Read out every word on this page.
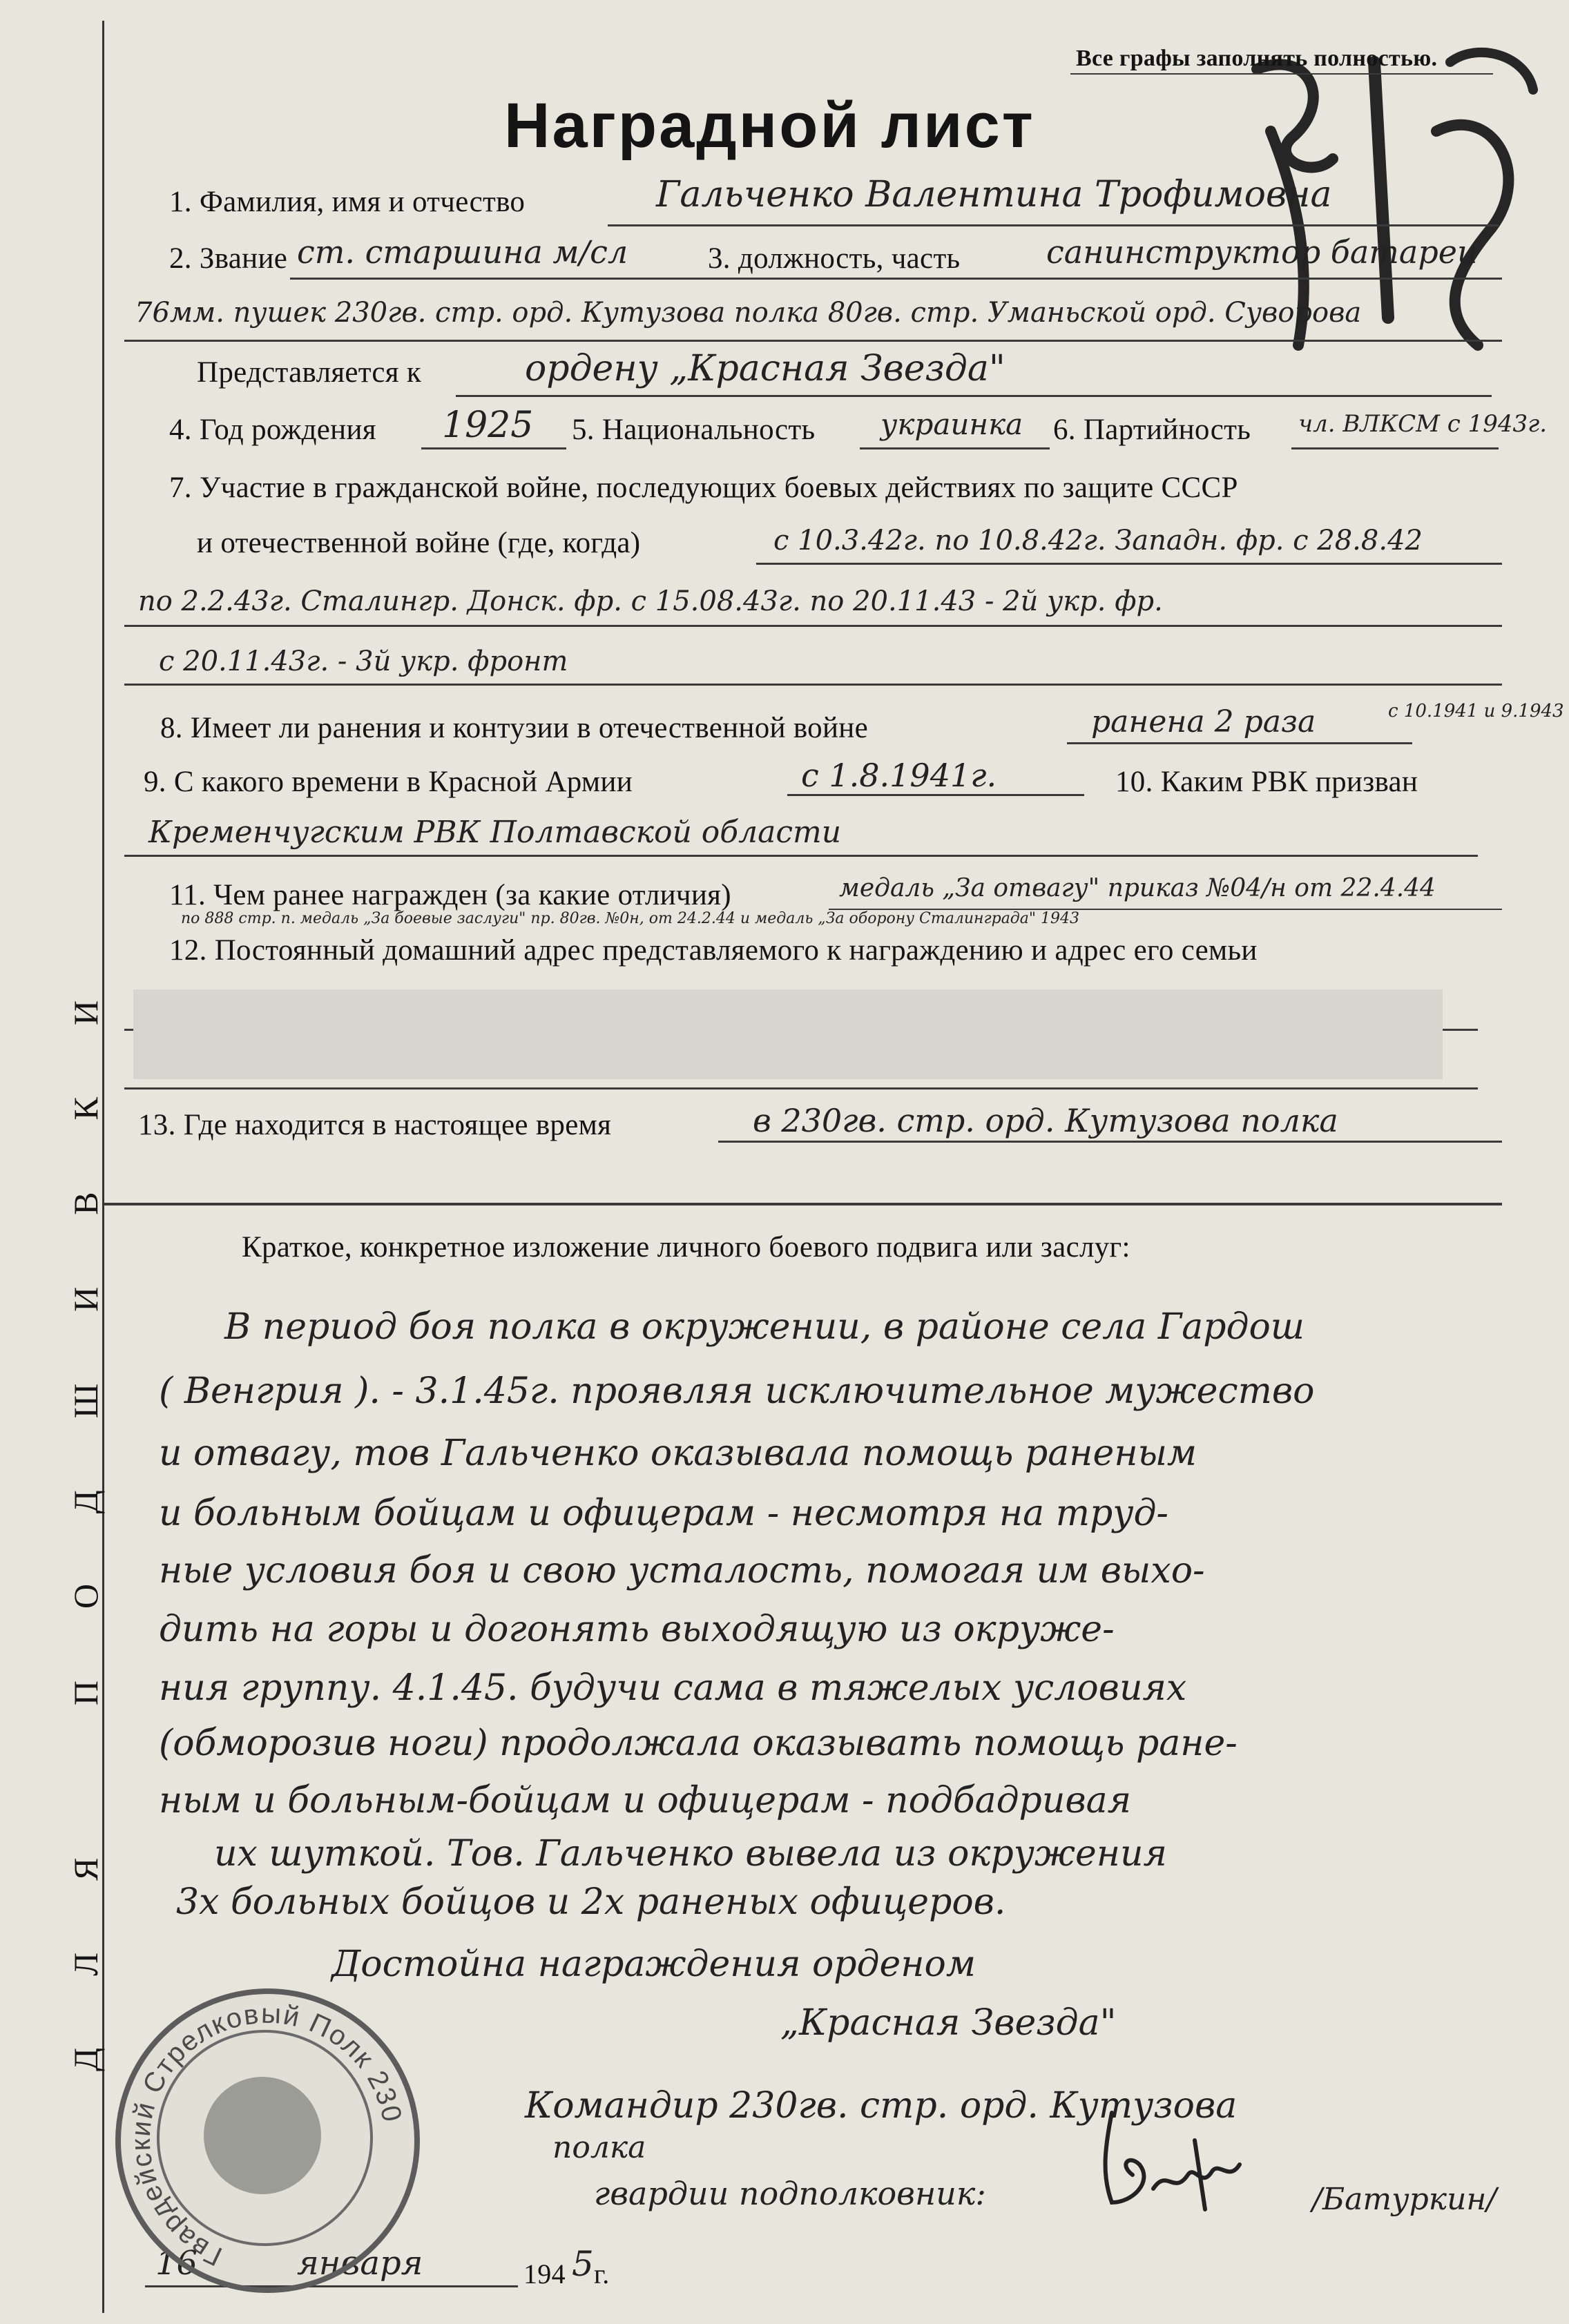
ДЛЯ ПОДШИВКИ
Все графы заполнять полностью.
Наградной лист
1. Фамилия, имя и отчество	Гальченко Валентина Трофимовна
2. Звание ст. старшина м/сл	3. должность, часть	санинструктор батареи
76мм. пушек 230гв. стр. орд. Кутузова полка 80гв. стр. Уманьской орд. Суворова
Представляется к	ордену „Красная Звезда"
4. Год рождения 1925 5. Национальность украинка 6. Партийность чл. ВЛКСМ с 1943г.
7. Участие в гражданской войне, последующих боевых действиях по защите СССР
и отечественной войне (где, когда)	с 10.3.42г. по 10.8.42г. Западн. фр. с 28.8.42
по 2.2.43г. Сталингр. Донск. фр. с 15.08.43г. по 20.11.43 - 2й укр. фр.
с 20.11.43г. - 3й укр. фронт
8. Имеет ли ранения и контузии в отечественной войне	ранена 2 раза	с 10.1941 и 9.1943
9. С какого времени в Красной Армии	с 1.8.1941г.	10. Каким РВК призван
Кременчугским РВК Полтавской области
11. Чем ранее награжден (за какие отличия)	медаль „За отвагу" приказ №04/н от 22.4.44
по 888 стр. п. медаль „За боевые заслуги" пр. 80гв. №0н, от 24.2.44 и медаль „За оборону Сталинграда" 1943
12. Постоянный домашний адрес представляемого к награждению и адрес его семьи
13. Где находится в настоящее время	в 230гв. стр. орд. Кутузова полка
Краткое, конкретное изложение личного боевого подвига или заслуг:
В период боя полка в окружении, в районе села Гардош
( Венгрия ). - 3.1.45г. проявляя исключительное мужество
и отвагу, тов Гальченко оказывала помощь раненым
и больным бойцам и офицерам - несмотря на труд-
ные условия боя и свою усталость, помогая им выхо-
дить на горы и догонять выходящую из окруже-
ния группу. 4.1.45. будучи сама в тяжелых условиях
(обморозив ноги) продолжала оказывать помощь ране-
ным и больным-бойцам и офицерам - подбадривая
их шуткой. Тов. Гальченко вывела из окружения
3х больных бойцов и 2х раненых офицеров.
Достойна награждения орденом
„Красная Звезда"
Командир 230гв. стр. орд. Кутузова
полка
гвардии подполковник:	/Батуркин/
16	января	194 5 г.
Гвардейский Стрелковый Полк 230
